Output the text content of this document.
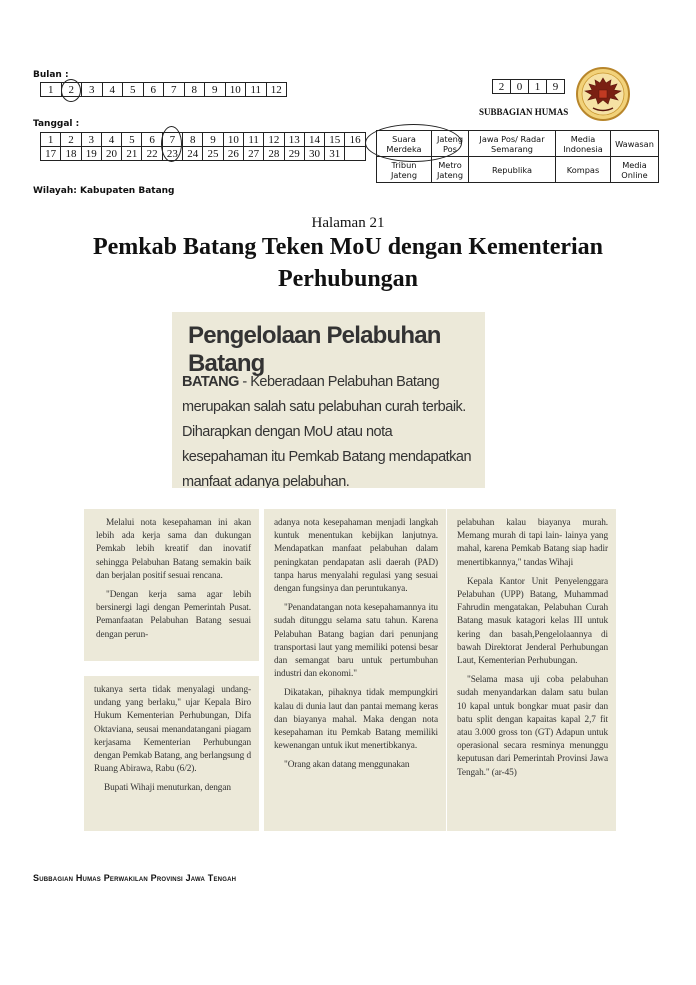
Bulan :
1	2	3	4	5	6	7	8	9	10	11	12	2	0	1	9
SUBBAGIAN HUMAS
Tanggal :
1	2	3	4	5	6	7	8	9	10	11	12	13	14	15	16
17	18	19	20	21	22	23	24	25	26	27	28	29	30	31	
Suara Merdeka	Jateng Pos	Jawa Pos/ Radar Semarang	Media Indonesia	Wawasan
Tribun Jateng	Metro Jateng	Republika	Kompas	Media Online
Wilayah: Kabupaten Batang
Halaman 21
Pemkab Batang Teken MoU dengan Kementerian Perhubungan
Pengelolaan Pelabuhan Batang
BATANG - Keberadaan Pelabuhan Batang merupakan salah satu pelabuhan curah terbaik. Diharapkan dengan MoU atau nota kesepahaman itu Pemkab Batang mendapatkan manfaat adanya pelabuhan.

Melalui nota kesepahaman ini akan lebih ada kerja sama dan dukungan Pemkab lebih kreatif dan inovatif sehingga Pelabuhan Batang semakin baik dan berjalan positif sesuai rencana.

"Dengan kerja sama agar lebih bersinergi lagi dengan Pemerintah Pusat. Pemanfaatan Pelabuhan Batang sesuai dengan perun-

tukanya serta tidak menyalagi undang-undang yang berlaku," ujar Kepala Biro Hukum Kementerian Perhubungan, Difa Oktaviana, seusai menandatangani piagam kerjasama Kementerian Perhubungan dengan Pemkab Batang, ang berlangsung d Ruang Abirawa, Rabu (6/2).

Bupati Wihaji menuturkan, dengan

adanya nota kesepahaman menjadi langkah kuntuk menentukan kebijkan lanjutnya. Mendapatkan manfaat pelabuhan dalam peningkatan pendapatan asli daerah (PAD) tanpa harus menyalahi regulasi yang sesuai dengan fungsinya dan peruntukanya.

"Penandatangan nota kesepahamannya itu sudah ditunggu selama satu tahun. Karena Pelabuhan Batang bagian dari penunjang transportasi laut yang memiliki potensi besar dan semangat baru untuk pertumbuhan industri dan ekonomi."

Dikatakan, pihaknya tidak mempungkiri kalau di dunia laut dan pantai memang keras dan biayanya mahal. Maka dengan nota kesepahaman itu Pemkab Batang memiliki kewenangan untuk ikut menertibkanya.

"Orang akan datang menggunakan

pelabuhan kalau biayanya murah. Memang murah di tapi lain- lainya yang mahal, karena Pemkab Batang siap hadir menertibkannya," tandas Wihaji

Kepala Kantor Unit Penyelenggara Pelabuhan (UPP) Batang, Muhammad Fahrudin mengatakan, Pelabuhan Curah Batang masuk katagori kelas III untuk kering dan basah,Pengelolaannya di bawah Direktorat Jenderal Perhubungan Laut, Kementerian Perhubungan.

"Selama masa uji coba pelabuhan sudah menyandarkan dalam satu bulan 10 kapal untuk bongkar muat pasir dan batu split dengan kapaitas kapal 2,7 fit atau 3.000 gross ton (GT) Adapun untuk operasional secara resminya menunggu keputusan dari Pemerintah Provinsi Jawa Tengah." (ar-45)

Subbagian Humas Perwakilan Provinsi Jawa Tengah
